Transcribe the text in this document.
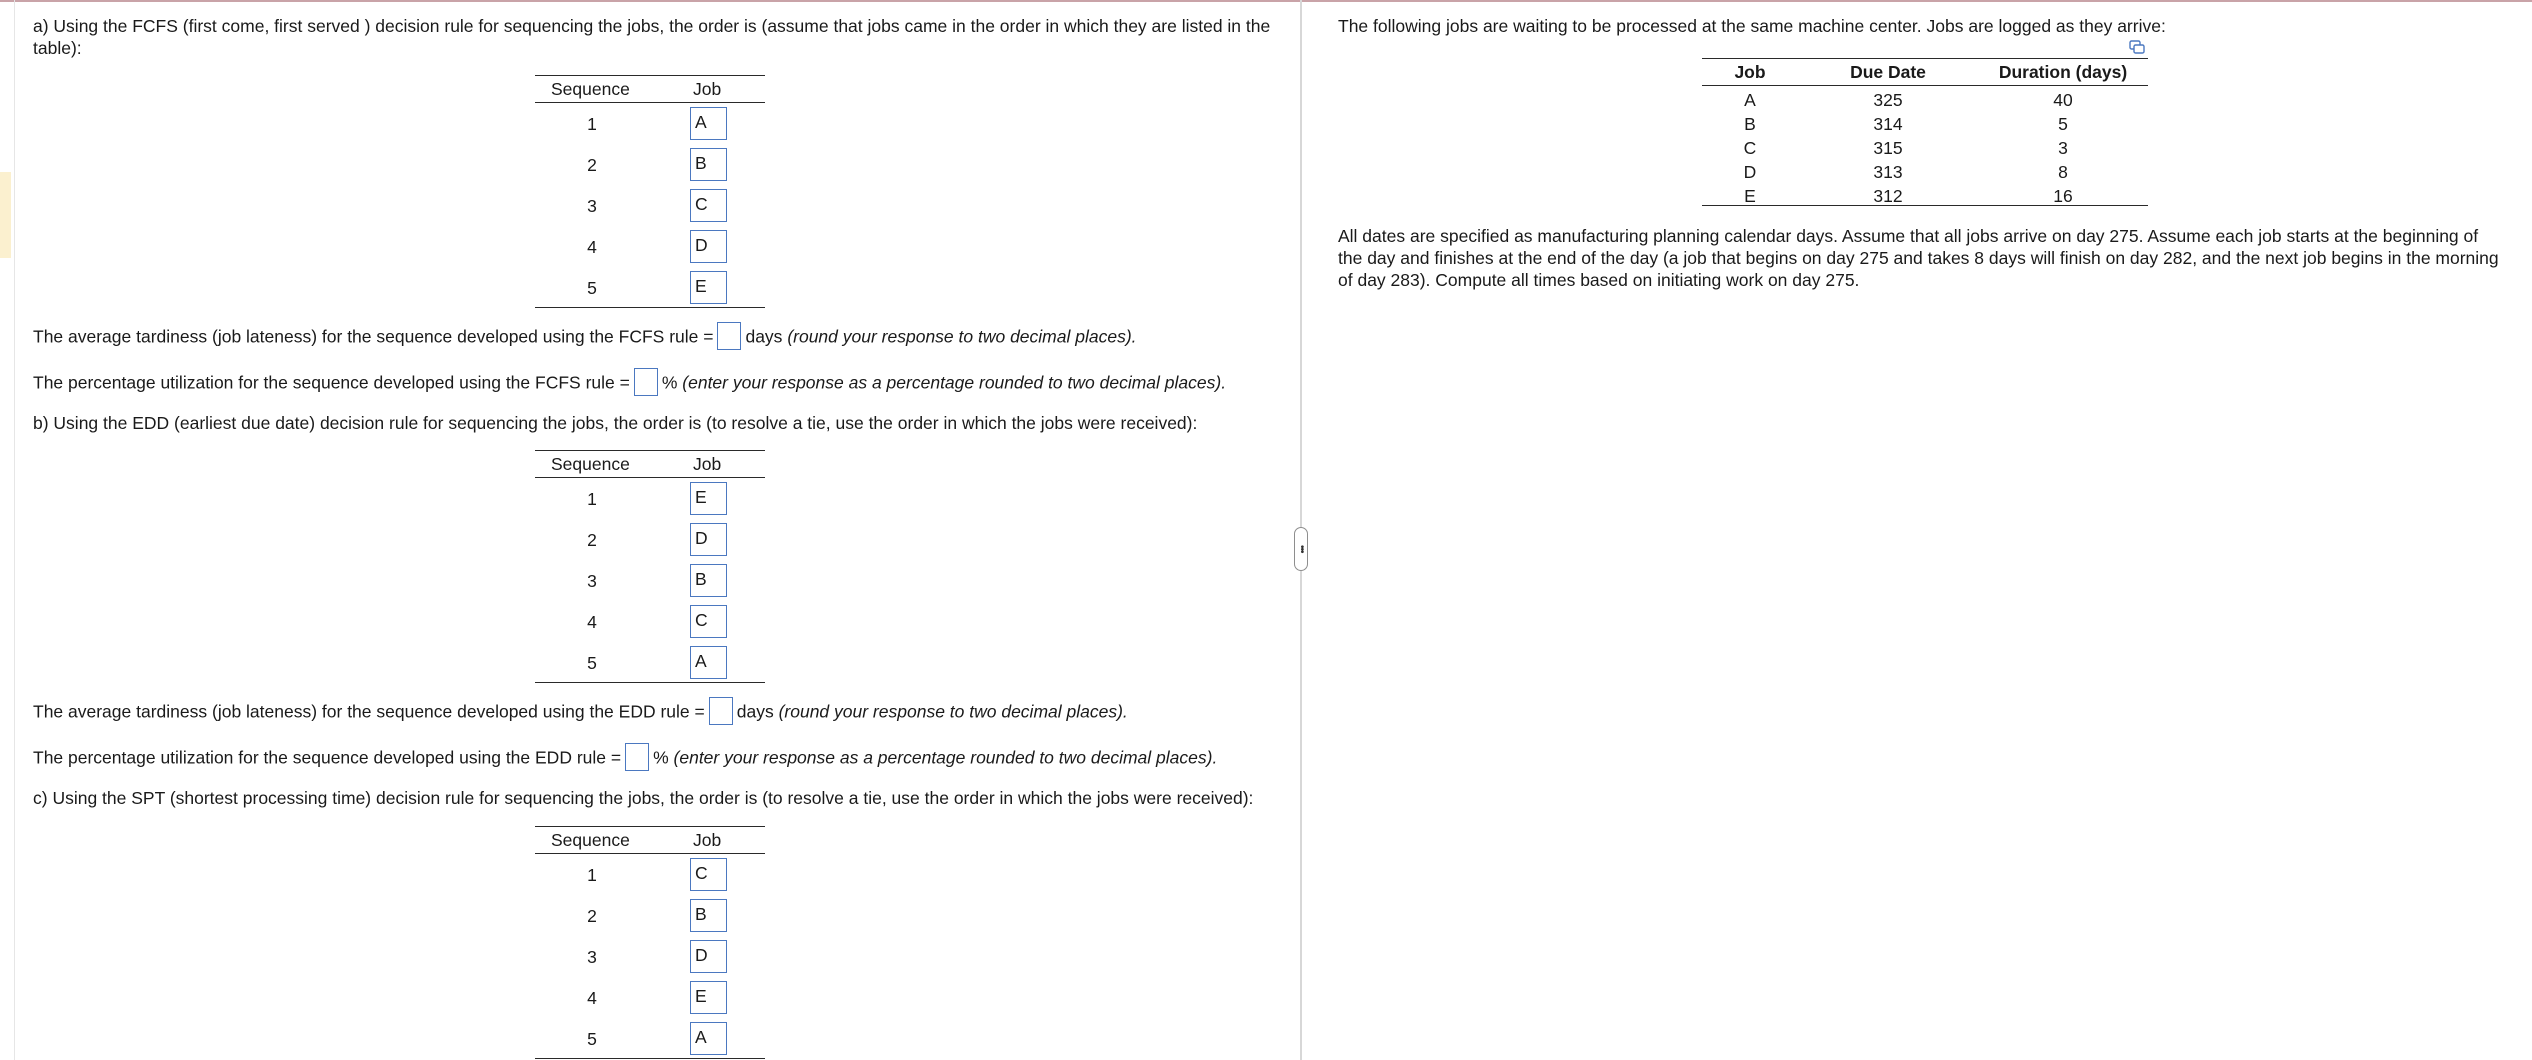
a) Using the FCFS (first come, first served ) decision rule for sequencing the jobs, the order is (assume that jobs came in the order in which they are listed in the table):
Sequence	Job
1	A
2	B
3	C
4	D
5	E
The average tardiness (job lateness) for the sequence developed using the FCFS rule = days (round your response to two decimal places).
The percentage utilization for the sequence developed using the FCFS rule = % (enter your response as a percentage rounded to two decimal places).
b) Using the EDD (earliest due date) decision rule for sequencing the jobs, the order is (to resolve a tie, use the order in which the jobs were received):
Sequence	Job
1	E
2	D
3	B
4	C
5	A
The average tardiness (job lateness) for the sequence developed using the EDD rule = days (round your response to two decimal places).
The percentage utilization for the sequence developed using the EDD rule = % (enter your response as a percentage rounded to two decimal places).
c) Using the SPT (shortest processing time) decision rule for sequencing the jobs, the order is (to resolve a tie, use the order in which the jobs were received):
Sequence	Job
1	C
2	B
3	D
4	E
5	A
•••
The following jobs are waiting to be processed at the same machine center. Jobs are logged as they arrive:
All dates are specified as manufacturing planning calendar days. Assume that all jobs arrive on day 275. Assume each job starts at the beginning of the day and finishes at the end of the day (a job that begins on day 275 and takes 8 days will finish on day 282, and the next job begins in the morning of day 283). Compute all times based on initiating work on day 275.
Job	Due Date	Duration (days)
A	325	40
B	314	5
C	315	3
D	313	8
E	312	16
